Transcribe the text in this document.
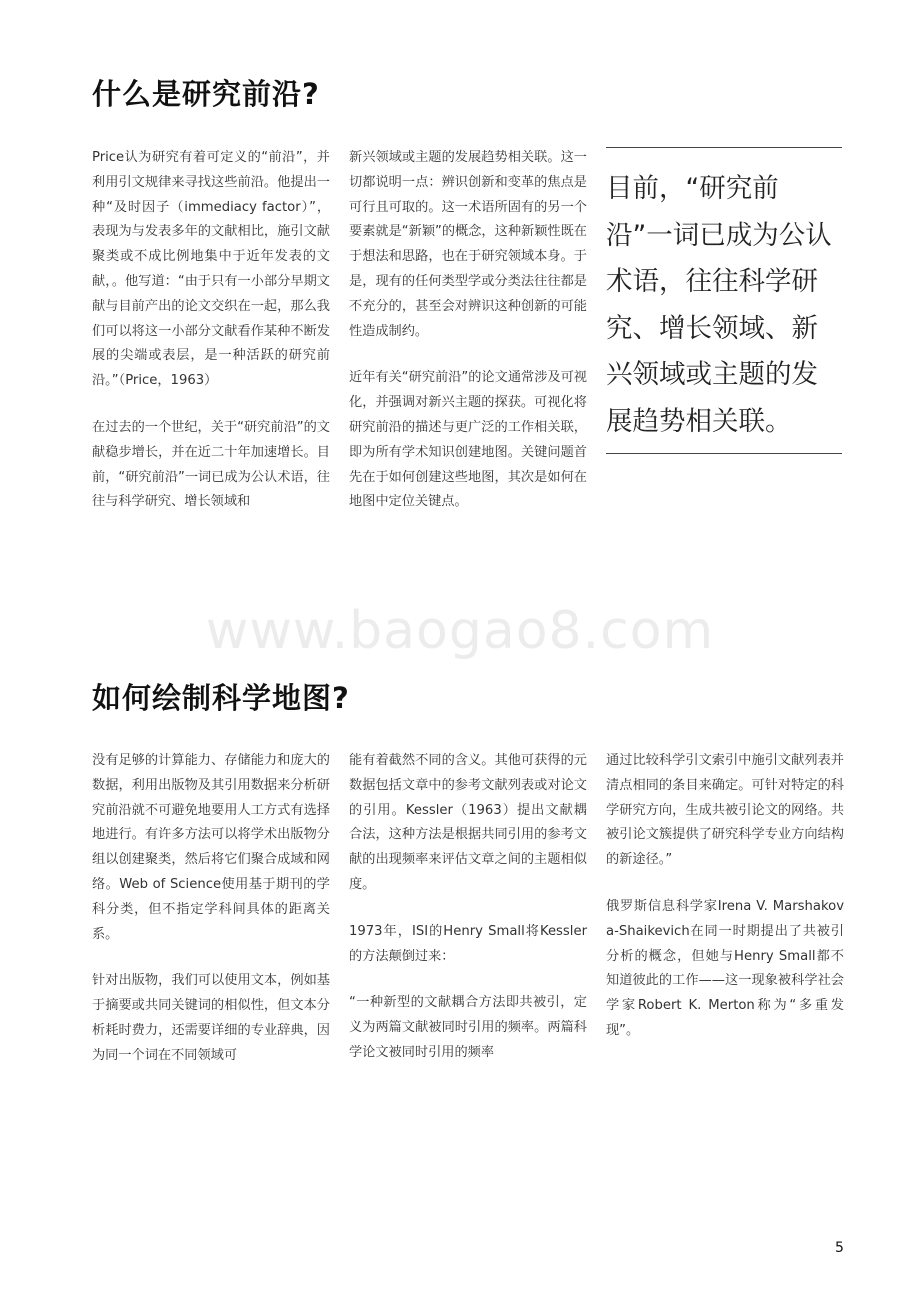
什么是研究前沿?

Price认为研究有着可定义的“前沿”，并利用引文规律来寻找这些前沿。他提出一种“及时因子（immediacy factor）”，表现为与发表多年的文献相比，施引文献聚类或不成比例地集中于近年发表的文献，。他写道：“由于只有一小部分早期文献与目前产出的论文交织在一起，那么我们可以将这一小部分文献看作某种不断发展的尖端或表层，是一种活跃的研究前沿。”（Price，1963）

在过去的一个世纪，关于“研究前沿”的文献稳步增长，并在近二十年加速增长。目前，“研究前沿”一词已成为公认术语，往往与科学研究、增长领域和

新兴领域或主题的发展趋势相关联。这一切都说明一点：辨识创新和变革的焦点是可行且可取的。这一术语所固有的另一个要素就是“新颖”的概念，这种新颖性既在于想法和思路，也在于研究领域本身。于是，现有的任何类型学或分类法往往都是不充分的，甚至会对辨识这种创新的可能性造成制约。

近年有关“研究前沿”的论文通常涉及可视化，并强调对新兴主题的探获。可视化将研究前沿的描述与更广泛的工作相关联，即为所有学术知识创建地图。关键问题首先在于如何创建这些地图，其次是如何在地图中定位关键点。

目前，“研究前沿”一词已成为公认术语，往往科学研究、增长领域、新兴领域或主题的发展趋势相关联。

www.baogao8.com
如何绘制科学地图?

没有足够的计算能力、存储能力和庞大的数据，利用出版物及其引用数据来分析研究前沿就不可避免地要用人工方式有选择地进行。有许多方法可以将学术出版物分组以创建聚类，然后将它们聚合成域和网络。Web of Science使用基于期刊的学科分类，但不指定学科间具体的距离关系。

针对出版物，我们可以使用文本，例如基于摘要或共同关键词的相似性，但文本分析耗时费力，还需要详细的专业辞典，因为同一个词在不同领域可

能有着截然不同的含义。其他可获得的元数据包括文章中的参考文献列表或对论文的引用。Kessler（1963）提出文献耦合法，这种方法是根据共同引用的参考文献的出现频率来评估文章之间的主题相似度。

1973年，ISI的Henry Small将Kessler的方法颠倒过来：

“一种新型的文献耦合方法即共被引，定义为两篇文献被同时引用的频率。两篇科学论文被同时引用的频率

通过比较科学引文索引中施引文献列表并清点相同的条目来确定。可针对特定的科学研究方向，生成共被引论文的网络。共被引论文簇提供了研究科学专业方向结构的新途径。”

俄罗斯信息科学家Irena V. Marshakova-Shaikevich在同一时期提出了共被引分析的概念，但她与Henry Small都不知道彼此的工作——这一现象被科学社会学家Robert K. Merton称为“多重发现”。

5
